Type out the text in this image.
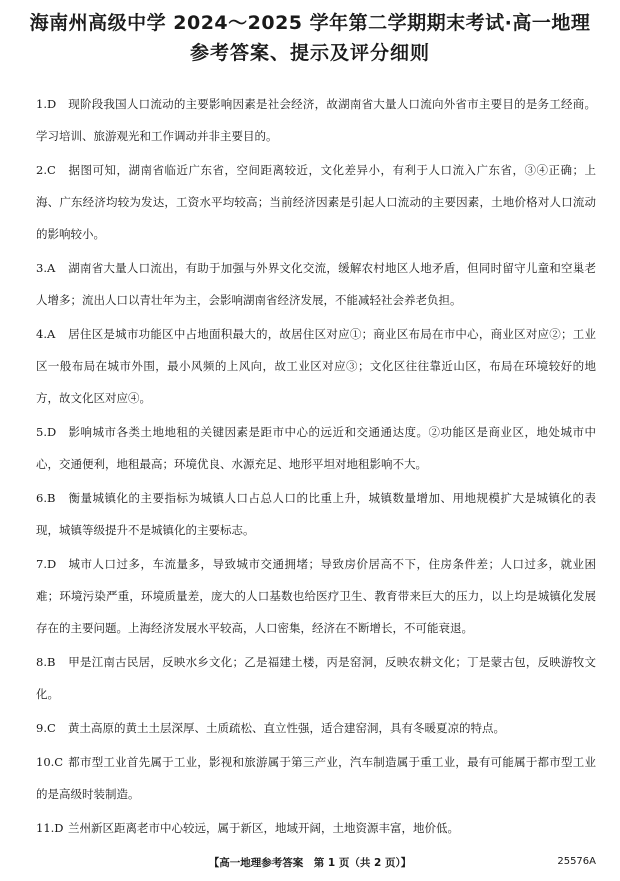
海南州高级中学 2024～2025 学年第二学期期末考试·高一地理
参考答案、提示及评分细则
1.D 现阶段我国人口流动的主要影响因素是社会经济，故湖南省大量人口流向外省市主要目的是务工经商。学习培训、旅游观光和工作调动并非主要目的。
2.C 据图可知，湖南省临近广东省，空间距离较近，文化差异小，有利于人口流入广东省，③④正确；上海、广东经济均较为发达，工资水平均较高；当前经济因素是引起人口流动的主要因素，土地价格对人口流动的影响较小。
3.A 湖南省大量人口流出，有助于加强与外界文化交流，缓解农村地区人地矛盾，但同时留守儿童和空巢老人增多；流出人口以青壮年为主，会影响湖南省经济发展，不能减轻社会养老负担。
4.A 居住区是城市功能区中占地面积最大的，故居住区对应①；商业区布局在市中心，商业区对应②；工业区一般布局在城市外围，最小风频的上风向，故工业区对应③；文化区往往靠近山区，布局在环境较好的地方，故文化区对应④。
5.D 影响城市各类土地地租的关键因素是距市中心的远近和交通通达度。②功能区是商业区，地处城市中心，交通便利，地租最高；环境优良、水源充足、地形平坦对地租影响不大。
6.B 衡量城镇化的主要指标为城镇人口占总人口的比重上升，城镇数量增加、用地规模扩大是城镇化的表现，城镇等级提升不是城镇化的主要标志。
7.D 城市人口过多，车流量多，导致城市交通拥堵；导致房价居高不下，住房条件差；人口过多，就业困难；环境污染严重，环境质量差，庞大的人口基数也给医疗卫生、教育带来巨大的压力，以上均是城镇化发展存在的主要问题。上海经济发展水平较高，人口密集，经济在不断增长，不可能衰退。
8.B 甲是江南古民居，反映水乡文化；乙是福建土楼，丙是窑洞，反映农耕文化；丁是蒙古包，反映游牧文化。
9.C 黄土高原的黄土土层深厚、土质疏松、直立性强，适合建窑洞，具有冬暖夏凉的特点。
10.C 都市型工业首先属于工业，影视和旅游属于第三产业，汽车制造属于重工业，最有可能属于都市型工业的是高级时装制造。
11.D 兰州新区距离老市中心较远，属于新区，地域开阔，土地资源丰富，地价低。
【高一地理参考答案　第 1 页（共 2 页）】	25576A
